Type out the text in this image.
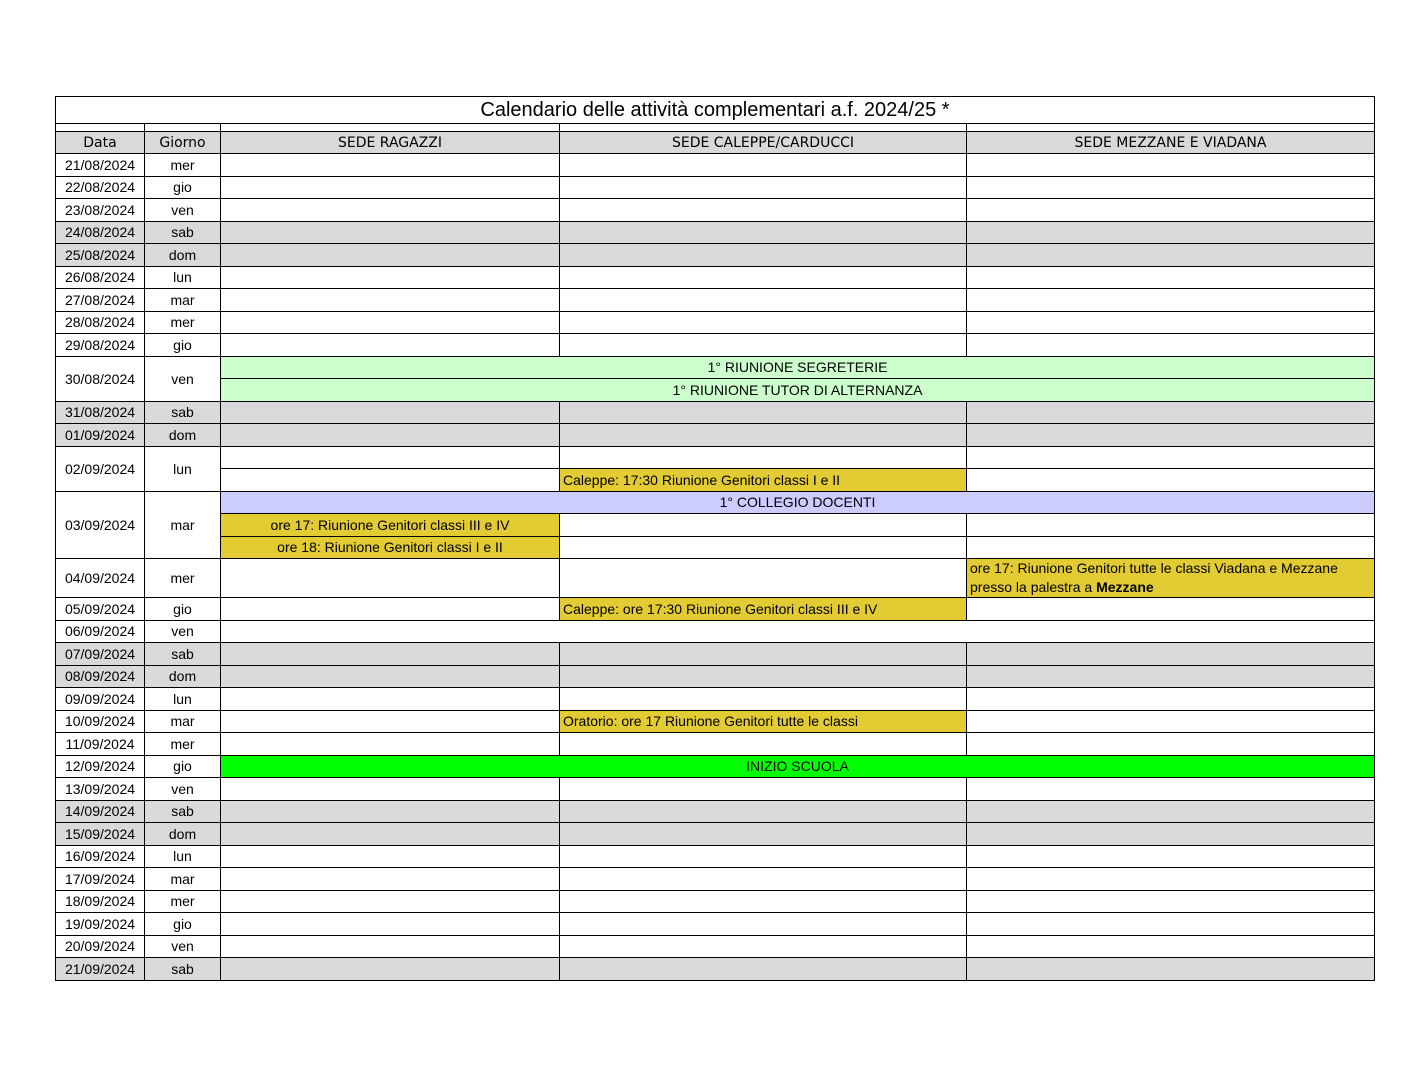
Calendario delle attività complementari a.f. 2024/25 *				

Data	Giorno	SEDE RAGAZZI	SEDE CALEPPE/CARDUCCI	SEDE MEZZANE E VIADANA
21/08/2024	mer			
22/08/2024	gio			
23/08/2024	ven			
24/08/2024	sab			
25/08/2024	dom			
26/08/2024	lun			
27/08/2024	mar			
28/08/2024	mer			
29/08/2024	gio			
30/08/2024	ven	1° RIUNIONE SEGRETERIE		
		1° RIUNIONE TUTOR DI ALTERNANZA		
31/08/2024	sab			
01/09/2024	dom			
02/09/2024	lun			
			Caleppe: 17:30 Riunione Genitori classi I e II	
03/09/2024	mar	1° COLLEGIO DOCENTI		
		ore 17: Riunione Genitori classi III e IV		
		ore 18: Riunione Genitori classi I e II		
04/09/2024	mer			ore 17: Riunione Genitori tutte le classi Viadana e Mezzane
presso la palestra a Mezzane
05/09/2024	gio		Caleppe: ore 17:30 Riunione Genitori classi III e IV	
06/09/2024	ven			
07/09/2024	sab			
08/09/2024	dom			
09/09/2024	lun			
10/09/2024	mar		Oratorio: ore 17 Riunione Genitori tutte le classi	
11/09/2024	mer			
12/09/2024	gio	INIZIO SCUOLA		
13/09/2024	ven			
14/09/2024	sab			
15/09/2024	dom			
16/09/2024	lun			
17/09/2024	mar			
18/09/2024	mer			
19/09/2024	gio			
20/09/2024	ven			
21/09/2024	sab			
